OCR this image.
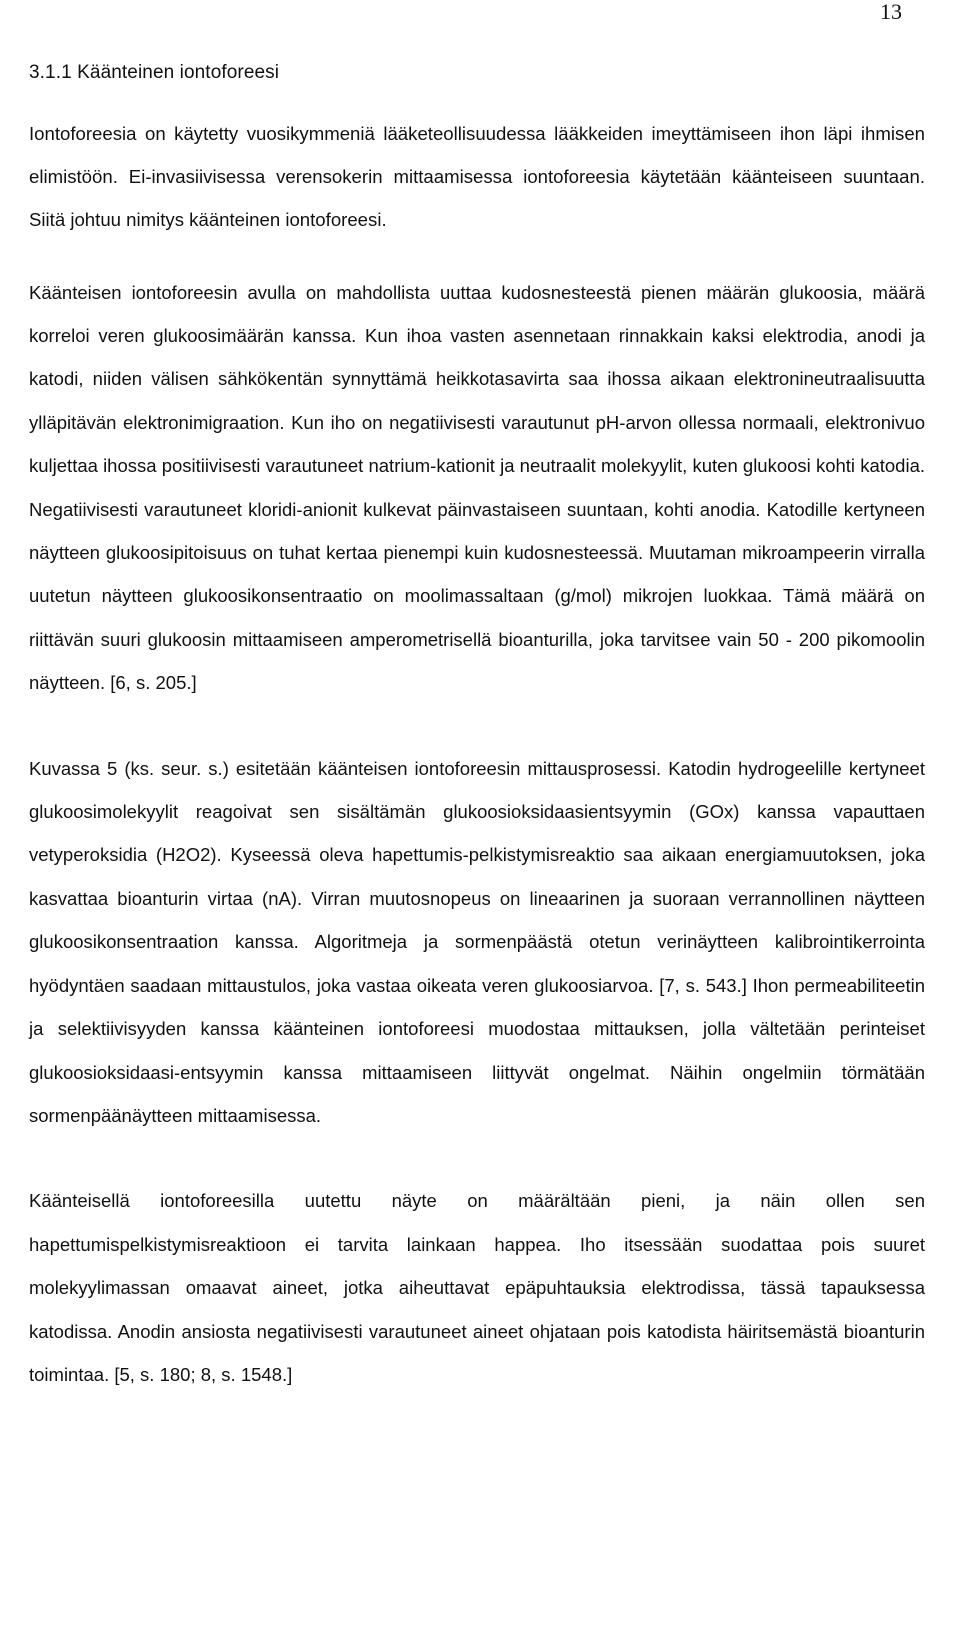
13
3.1.1 Käänteinen iontoforeesi

Iontoforeesia on käytetty vuosikymmeniä lääketeollisuudessa lääkkeiden imeyttämiseen ihon läpi ihmisen elimistöön. Ei-invasiivisessa verensokerin mittaamisessa iontoforeesia käytetään käänteiseen suuntaan. Siitä johtuu nimitys käänteinen iontoforeesi.

Käänteisen iontoforeesin avulla on mahdollista uuttaa kudosnesteestä pienen määrän glukoosia, määrä korreloi veren glukoosimäärän kanssa. Kun ihoa vasten asennetaan rinnakkain kaksi elektrodia, anodi ja katodi, niiden välisen sähkökentän synnyttämä heikkotasavirta saa ihossa aikaan elektronineutraalisuutta ylläpitävän elektronimigraation. Kun iho on negatiivisesti varautunut pH-arvon ollessa normaali, elektronivuo kuljettaa ihossa positiivisesti varautuneet natrium-kationit ja neutraalit molekyylit, kuten glukoosi kohti katodia. Negatiivisesti varautuneet kloridi-anionit kulkevat päinvastaiseen suuntaan, kohti anodia. Katodille kertyneen näytteen glukoosipitoisuus on tuhat kertaa pienempi kuin kudosnesteessä. Muutaman mikroampeerin virralla uutetun näytteen glukoosikonsentraatio on moolimassaltaan (g/mol) mikrojen luokkaa. Tämä määrä on riittävän suuri glukoosin mittaamiseen amperometrisellä bioanturilla, joka tarvitsee vain 50 - 200 pikomoolin näytteen. [6, s. 205.]

Kuvassa 5 (ks. seur. s.) esitetään käänteisen iontoforeesin mittausprosessi. Katodin hydrogeelille kertyneet glukoosimolekyylit reagoivat sen sisältämän glukoosioksidaasientsyymin (GOx) kanssa vapauttaen vetyperoksidia (H2O2). Kyseessä oleva hapettumis-pelkistymisreaktio saa aikaan energiamuutoksen, joka kasvattaa bioanturin virtaa (nA). Virran muutosnopeus on lineaarinen ja suoraan verrannollinen näytteen glukoosikonsentraation kanssa. Algoritmeja ja sormenpäästä otetun verinäytteen kalibrointikerrointa hyödyntäen saadaan mittaustulos, joka vastaa oikeata veren glukoosiarvoa. [7, s. 543.] Ihon permeabiliteetin ja selektiivisyyden kanssa käänteinen iontoforeesi muodostaa mittauksen, jolla vältetään perinteiset glukoosioksidaasi-entsyymin kanssa mittaamiseen liittyvät ongelmat. Näihin ongelmiin törmätään sormenpäänäytteen mittaamisessa.

Käänteisellä iontoforeesilla uutettu näyte on määrältään pieni, ja näin ollen sen hapettumispelkistymisreaktioon ei tarvita lainkaan happea. Iho itsessään suodattaa pois suuret molekyylimassan omaavat aineet, jotka aiheuttavat epäpuhtauksia elektrodissa, tässä tapauksessa katodissa. Anodin ansiosta negatiivisesti varautuneet aineet ohjataan pois katodista häiritsemästä bioanturin toimintaa. [5, s. 180; 8, s. 1548.]
